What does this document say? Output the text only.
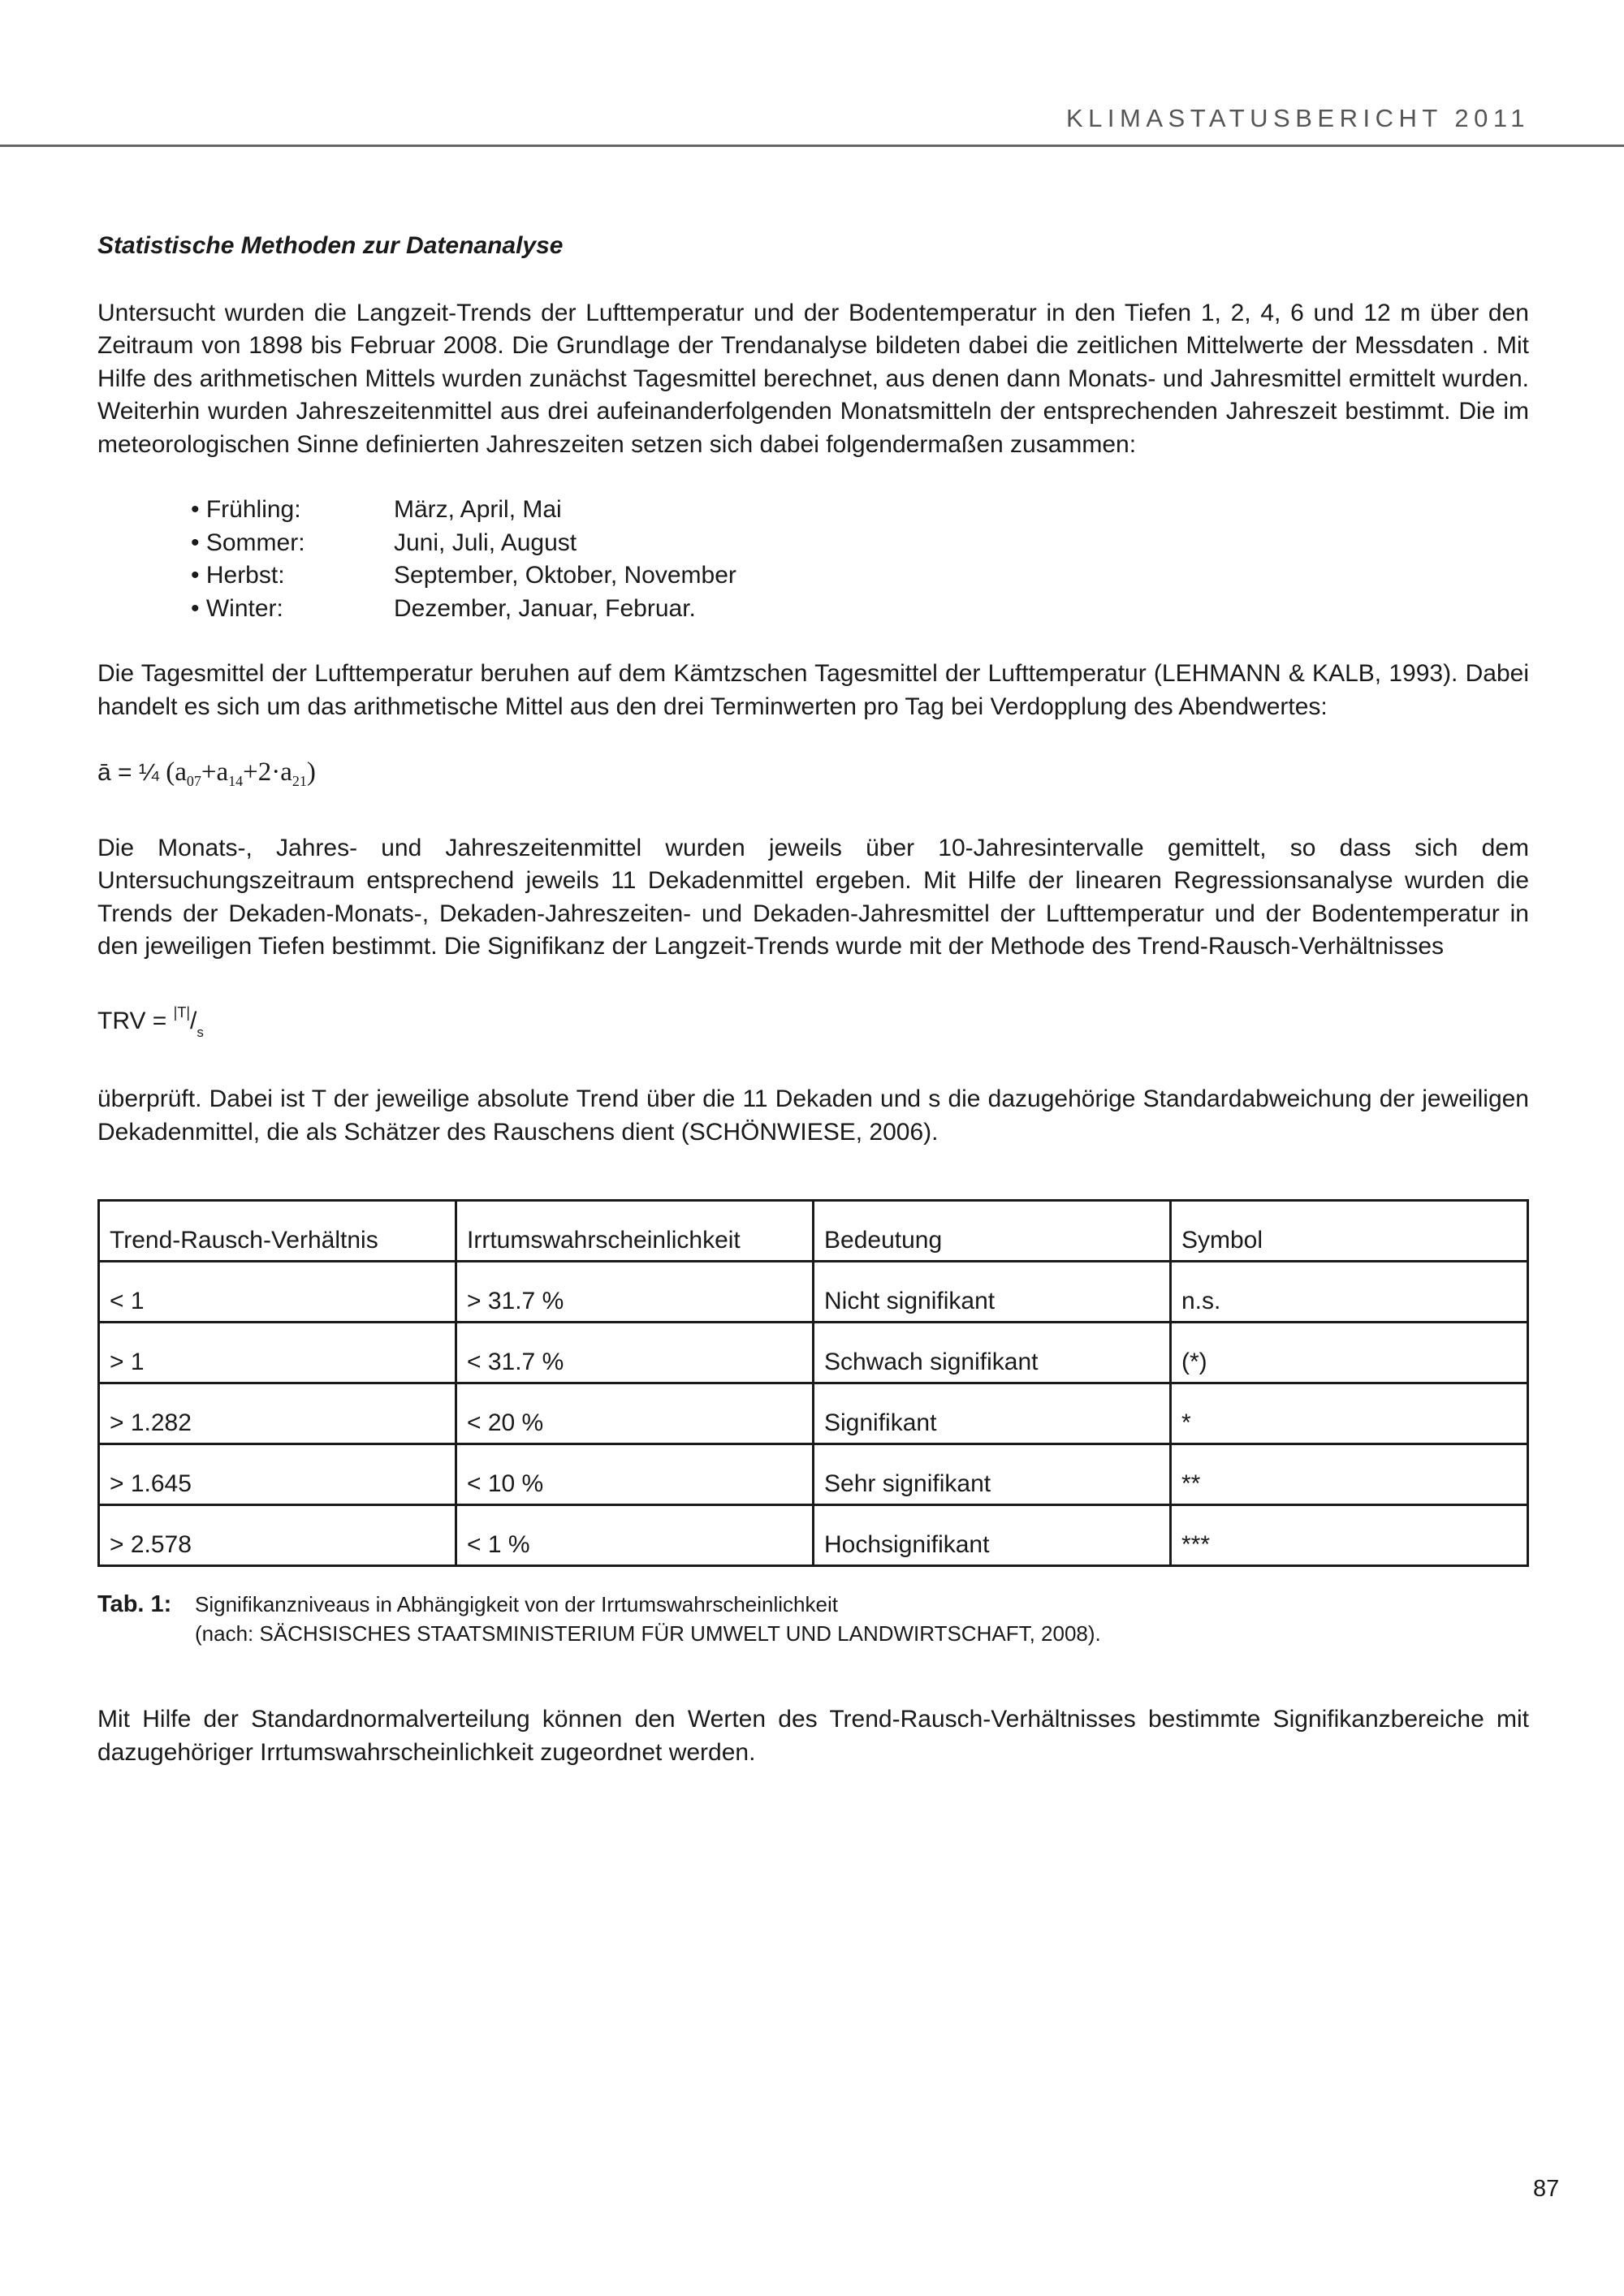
KLIMASTATUSBERICHT 2011
Statistische Methoden zur Datenanalyse

Untersucht wurden die Langzeit-Trends der Lufttemperatur und der Bodentemperatur in den Tiefen 1, 2, 4, 6 und 12 m über den Zeitraum von 1898 bis Februar 2008. Die Grundlage der Trendanalyse bildeten dabei die zeitlichen Mittelwerte der Messdaten . Mit Hilfe des arithmetischen Mittels wurden zunächst Tagesmittel berechnet, aus denen dann Monats- und Jahresmittel ermittelt wurden. Weiterhin wurden Jahreszeitenmittel aus drei aufeinanderfolgenden Monatsmitteln der entsprechenden Jahreszeit bestimmt. Die im meteorologischen Sinne definierten Jahreszeiten setzen sich dabei folgendermaßen zusammen:

• Frühling:	März, April, Mai
• Sommer:	Juni, Juli, August
• Herbst:	September, Oktober, November
• Winter:	Dezember, Januar, Februar.

Die Tagesmittel der Lufttemperatur beruhen auf dem Kämtzschen Tagesmittel der Lufttemperatur (LEHMANN & KALB, 1993). Dabei handelt es sich um das arithmetische Mittel aus den drei Terminwerten pro Tag bei Verdopplung des Abendwertes:

ā = ¼ $(a_{07}+a_{14}+2\cdot a_{21})$

Die Monats-, Jahres- und Jahreszeitenmittel wurden jeweils über 10-Jahresintervalle gemittelt, so dass sich dem Untersuchungszeitraum entsprechend jeweils 11 Dekadenmittel ergeben. Mit Hilfe der linearen Regressionsanalyse wurden die Trends der Dekaden-Monats-, Dekaden-Jahreszeiten- und Dekaden-Jahresmittel der Lufttemperatur und der Bodentemperatur in den jeweiligen Tiefen bestimmt. Die Signifikanz der Langzeit-Trends wurde mit der Methode des Trend-Rausch-Verhältnisses

TRV = $^{|T|}/_s$

überprüft. Dabei ist T der jeweilige absolute Trend über die 11 Dekaden und s die dazugehörige Standardabweichung der jeweiligen Dekadenmittel, die als Schätzer des Rauschens dient (SCHÖNWIESE, 2006).

Trend-Rausch-Verhältnis	Irrtumswahrscheinlichkeit	Bedeutung	Symbol
< 1	> 31.7 %	Nicht signifikant	n.s.
> 1	< 31.7 %	Schwach signifikant	(*)
> 1.282	< 20 %	Signifikant	*
> 1.645	< 10 %	Sehr signifikant	**
> 2.578	< 1 %	Hochsignifikant	***
Tab. 1:	Signifikanzniveaus in Abhängigkeit von der Irrtumswahrscheinlichkeit
(nach: SÄCHSISCHES STAATSMINISTERIUM FÜR UMWELT UND LANDWIRTSCHAFT, 2008).

Mit Hilfe der Standardnormalverteilung können den Werten des Trend-Rausch-Verhältnisses bestimmte Signifikanzbereiche mit dazugehöriger Irrtumswahrscheinlichkeit zugeordnet werden.

87
